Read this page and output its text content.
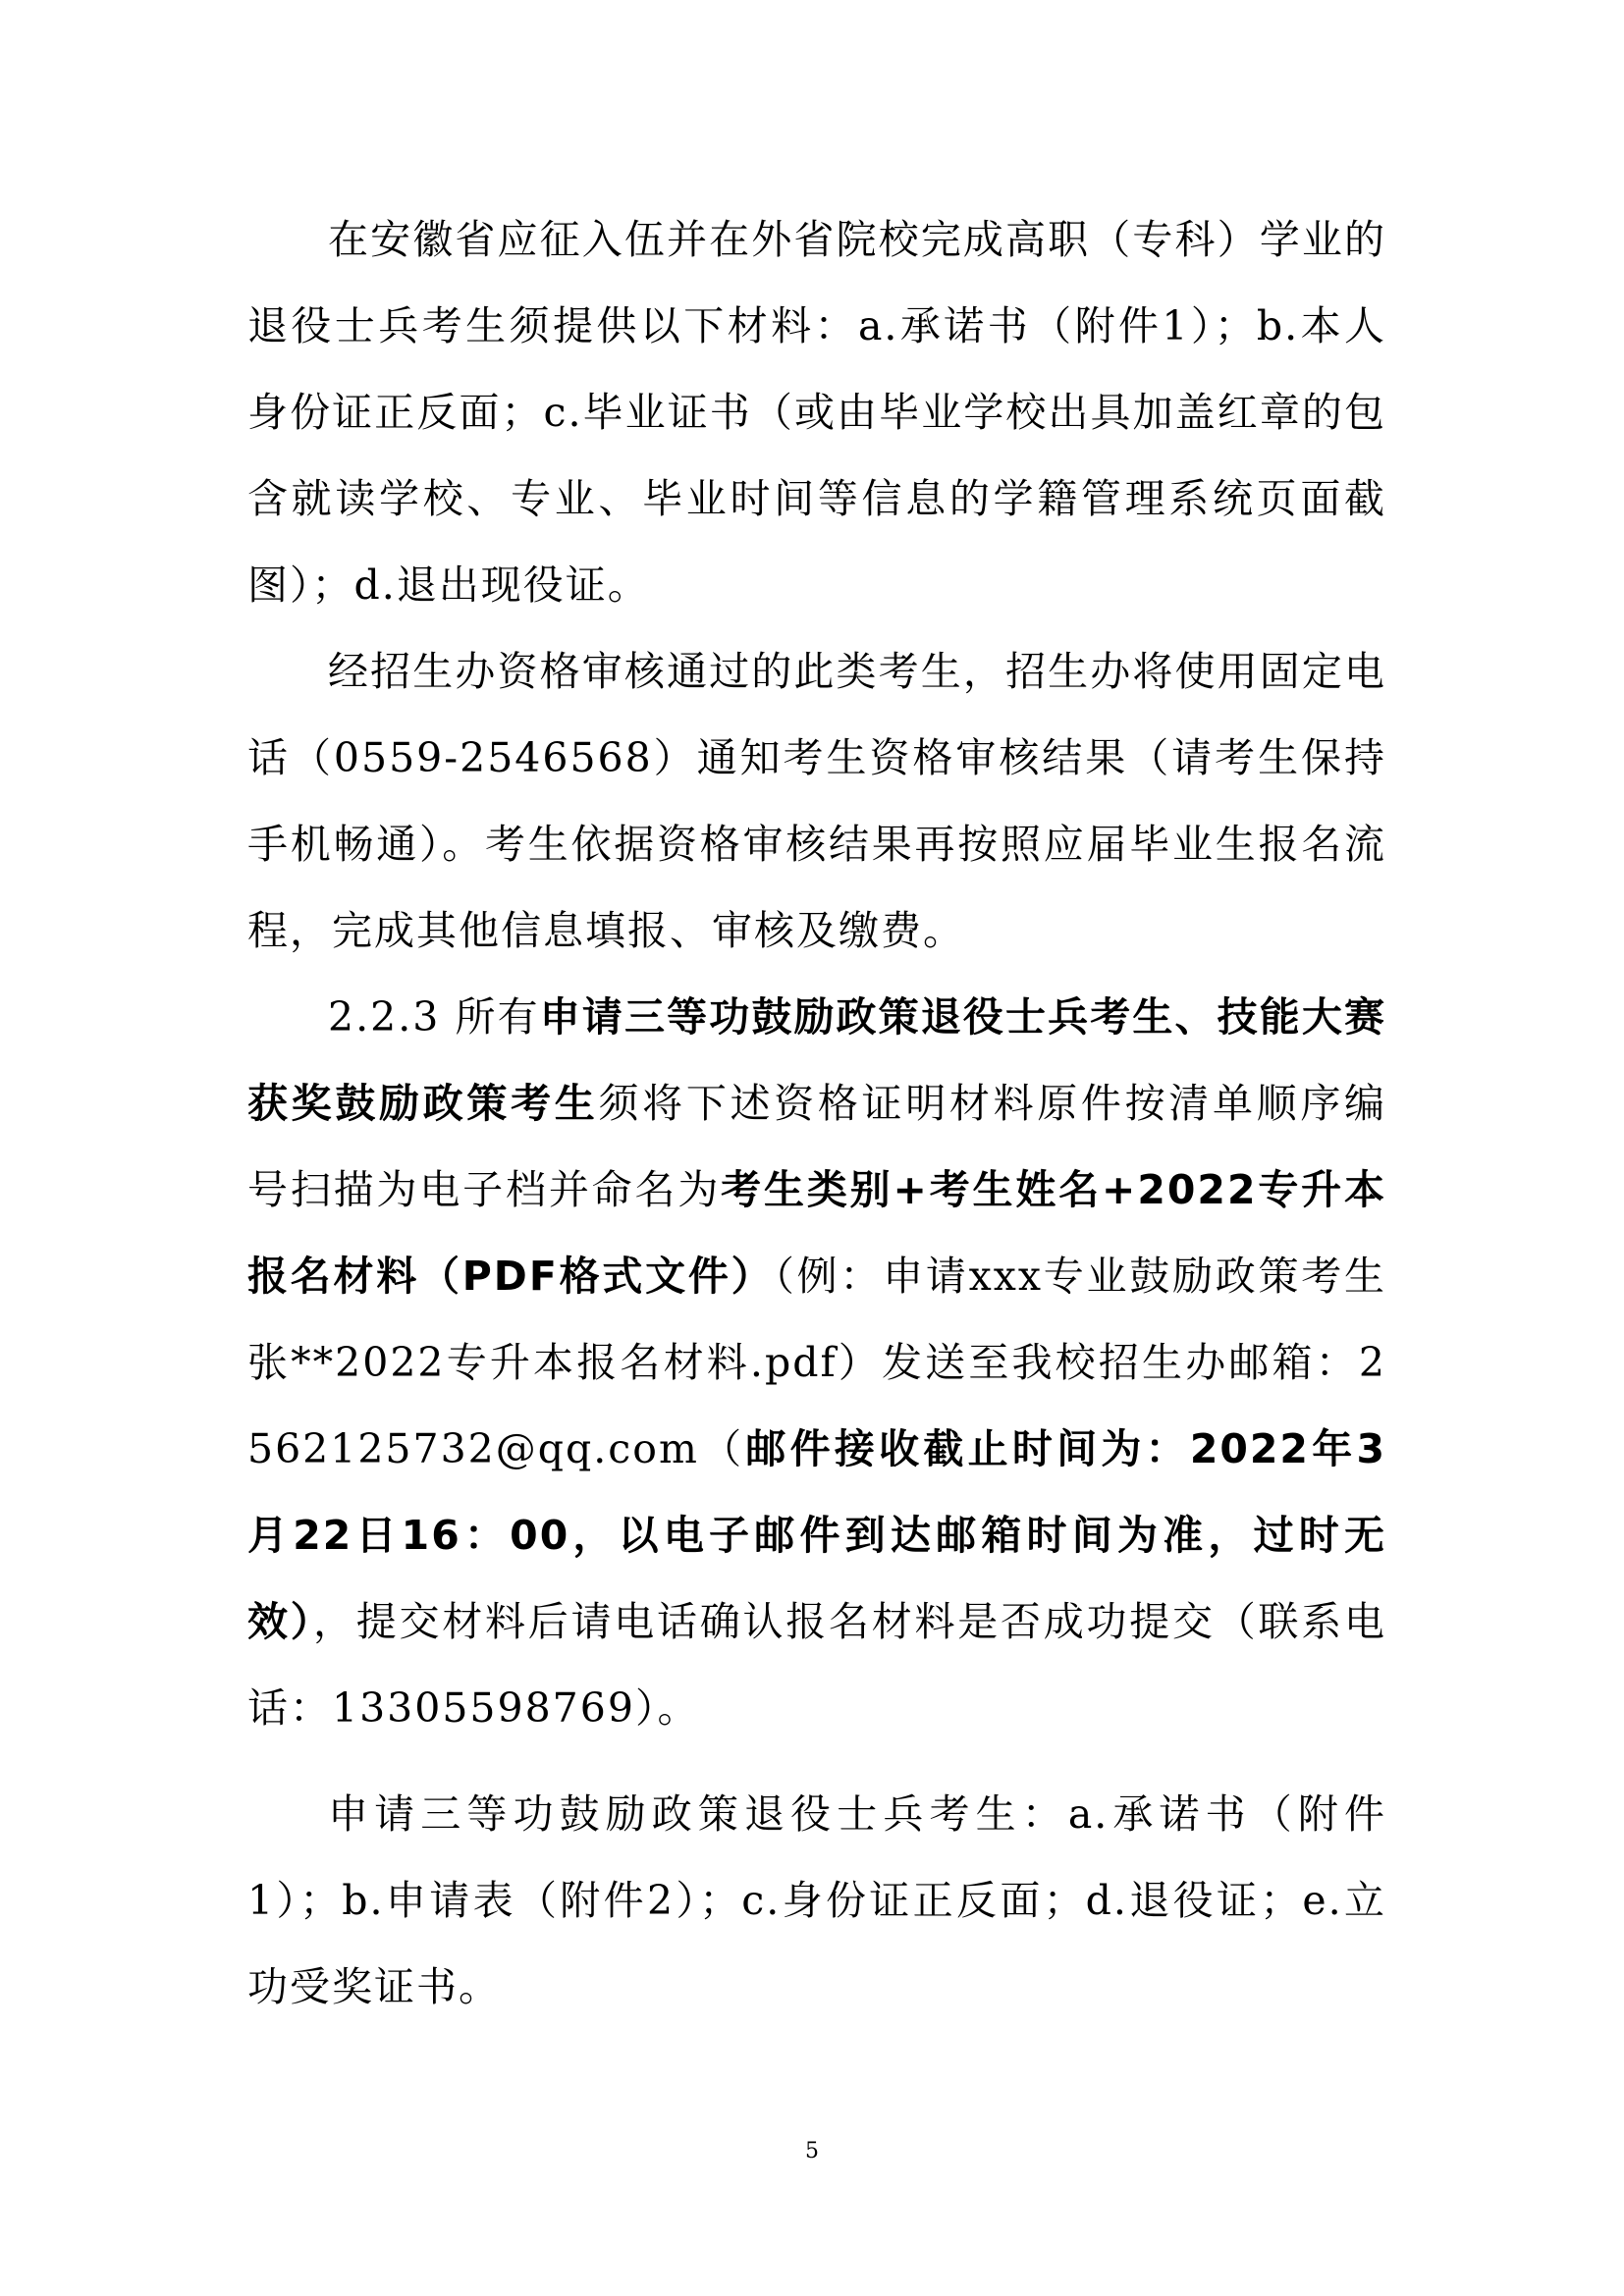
在安徽省应征入伍并在外省院校完成高职（专科）学业的退役士兵考生须提供以下材料：a.承诺书（附件1）；b.本人身份证正反面；c.毕业证书（或由毕业学校出具加盖红章的包含就读学校、专业、毕业时间等信息的学籍管理系统页面截图）；d.退出现役证。

经招生办资格审核通过的此类考生，招生办将使用固定电话（0559-2546568）通知考生资格审核结果（请考生保持手机畅通）。考生依据资格审核结果再按照应届毕业生报名流程，完成其他信息填报、审核及缴费。

2.2.3 所有申请三等功鼓励政策退役士兵考生、技能大赛获奖鼓励政策考生须将下述资格证明材料原件按清单顺序编号扫描为电子档并命名为考生类别+考生姓名+2022专升本报名材料（PDF格式文件）（例：申请xxx专业鼓励政策考生张**2022专升本报名材料.pdf）发送至我校招生办邮箱：2562125732@qq.com（邮件接收截止时间为：2022年3月22日16：00，以电子邮件到达邮箱时间为准，过时无效），提交材料后请电话确认报名材料是否成功提交（联系电话：13305598769）。

申请三等功鼓励政策退役士兵考生：a.承诺书（附件1）；b.申请表（附件2）；c.身份证正反面；d.退役证；e.立功受奖证书。

5
